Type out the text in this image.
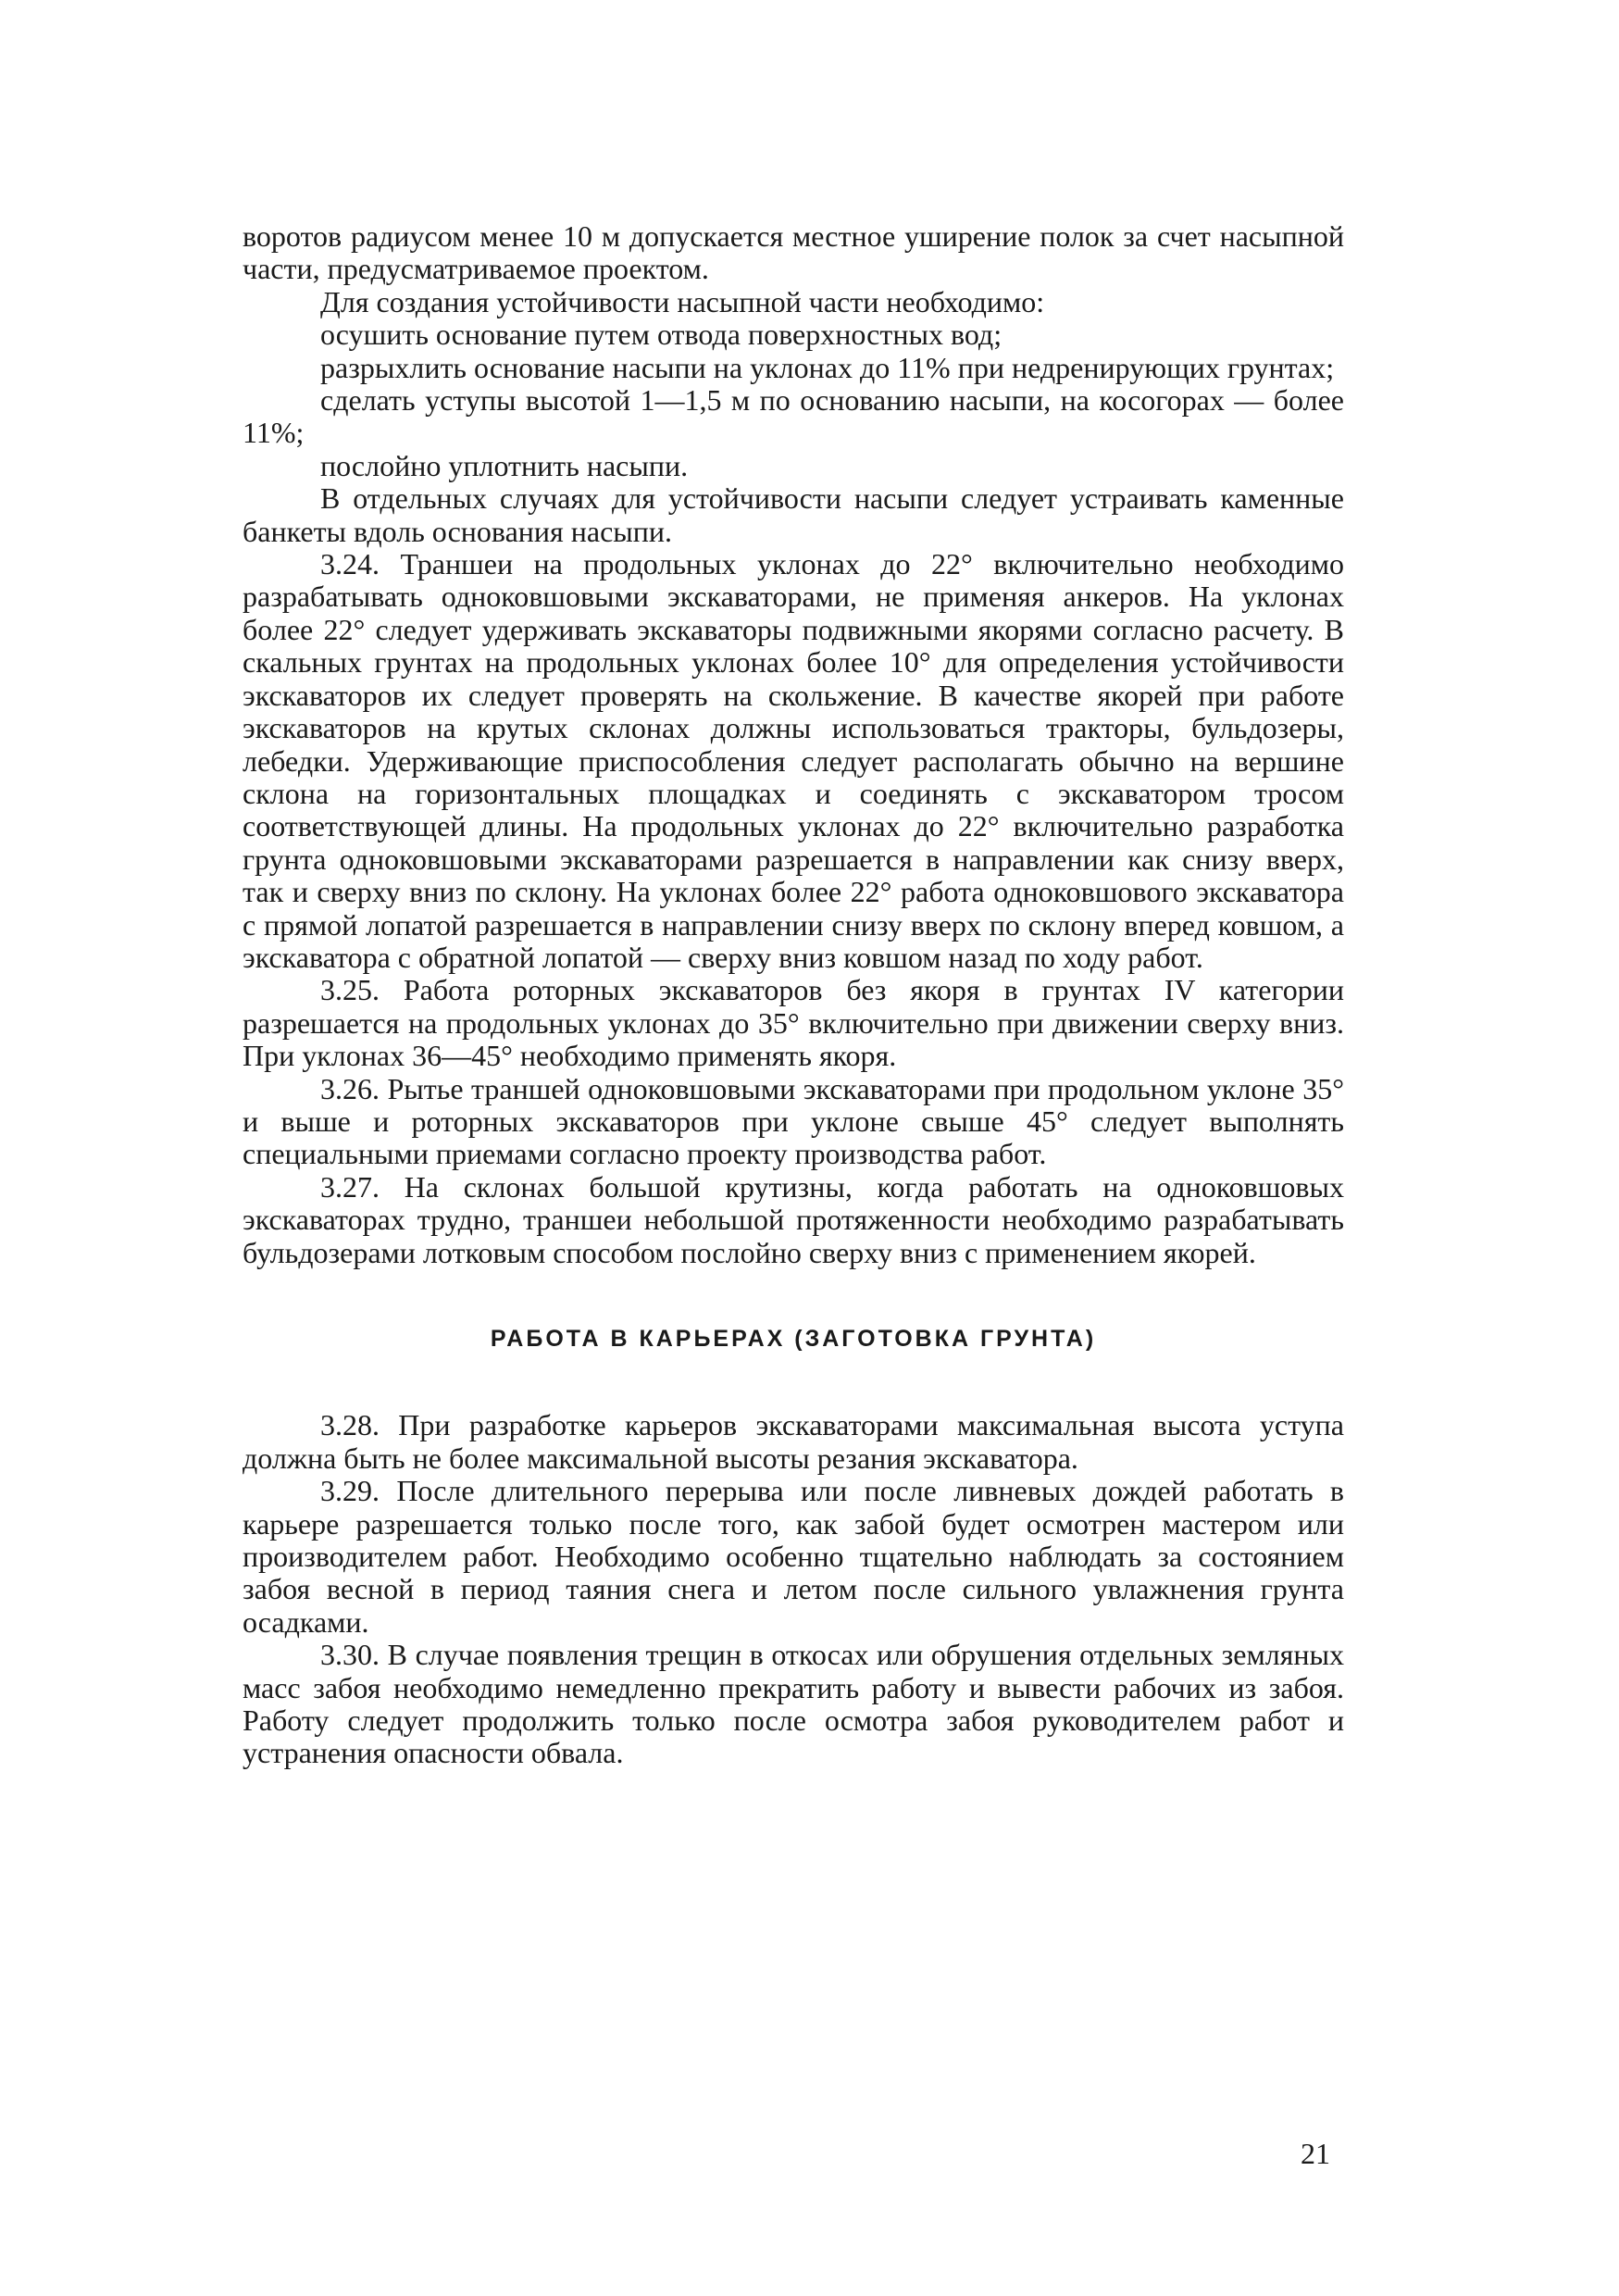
воротов радиусом менее 10 м допускается местное уширение полок за счет насыпной части, предусматриваемое проектом.

Для создания устойчивости насыпной части необходимо:

осушить основание путем отвода поверхностных вод;

разрыхлить основание насыпи на уклонах до 11% при недренирующих грунтах;

сделать уступы высотой 1—1,5 м по основанию насыпи, на косогорах — более 11%;

послойно уплотнить насыпи.

В отдельных случаях для устойчивости насыпи следует устраивать каменные банкеты вдоль основания насыпи.

3.24. Траншеи на продольных уклонах до 22° включительно необходимо разрабатывать одноковшовыми экскаваторами, не применяя анкеров. На уклонах более 22° следует удерживать экскаваторы подвижными якорями согласно расчету. В скальных грунтах на продольных уклонах более 10° для определения устойчивости экскаваторов их следует проверять на скольжение. В качестве якорей при работе экскаваторов на крутых склонах должны использоваться тракторы, бульдозеры, лебедки. Удерживающие приспособления следует располагать обычно на вершине склона на горизонтальных площадках и соединять с экскаватором тросом соответствующей длины. На продольных уклонах до 22° включительно разработка грунта одноковшовыми экскаваторами разрешается в направлении как снизу вверх, так и сверху вниз по склону. На уклонах более 22° работа одноковшового экскаватора с прямой лопатой разрешается в направлении снизу вверх по склону вперед ковшом, а экскаватора с обратной лопатой — сверху вниз ковшом назад по ходу работ.

3.25. Работа роторных экскаваторов без якоря в грунтах IV категории разрешается на продольных уклонах до 35° включительно при движении сверху вниз. При уклонах 36—45° необходимо применять якоря.

3.26. Рытье траншей одноковшовыми экскаваторами при продольном уклоне 35° и выше и роторных экскаваторов при уклоне свыше 45° следует выполнять специальными приемами согласно проекту производства работ.

3.27. На склонах большой крутизны, когда работать на одноковшовых экскаваторах трудно, траншеи небольшой протяженности необходимо разрабатывать бульдозерами лотковым способом послойно сверху вниз с применением якорей.

РАБОТА В КАРЬЕРАХ (ЗАГОТОВКА ГРУНТА)

3.28. При разработке карьеров экскаваторами максимальная высота уступа должна быть не более максимальной высоты резания экскаватора.

3.29. После длительного перерыва или после ливневых дождей работать в карьере разрешается только после того, как забой будет осмотрен мастером или производителем работ. Необходимо особенно тщательно наблюдать за состоянием забоя весной в период таяния снега и летом после сильного увлажнения грунта осадками.

3.30. В случае появления трещин в откосах или обрушения отдельных земляных масс забоя необходимо немедленно прекратить работу и вывести рабочих из забоя. Работу следует продолжить только после осмотра забоя руководителем работ и устранения опасности обвала.

21
